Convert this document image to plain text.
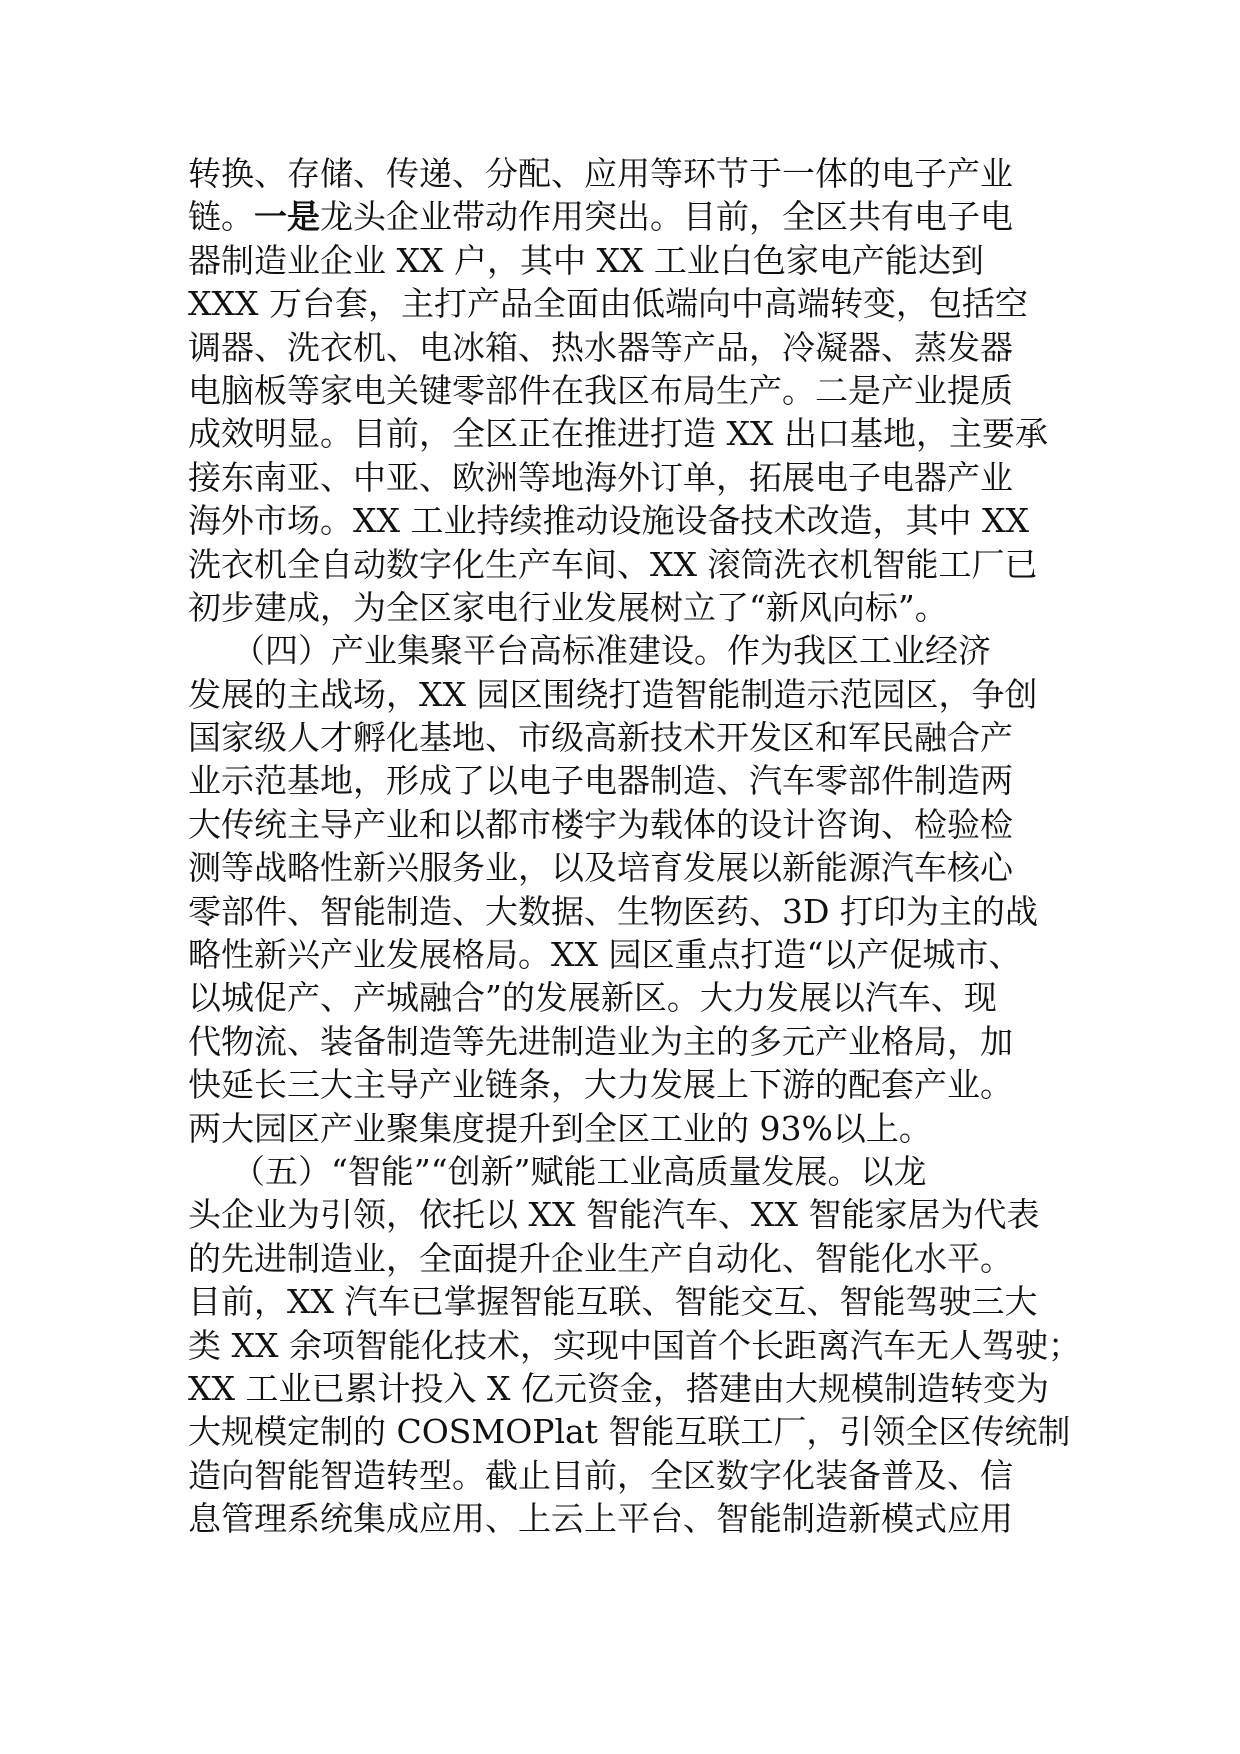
转换、存储、传递、分配、应用等环节于一体的电子产业
链。一是龙头企业带动作用突出。目前，全区共有电子电
器制造业企业 XX 户，其中 XX 工业白色家电产能达到
XXX 万台套，主打产品全面由低端向中高端转变，包括空
调器、洗衣机、电冰箱、热水器等产品，冷凝器、蒸发器
电脑板等家电关键零部件在我区布局生产。二是产业提质
成效明显。目前，全区正在推进打造 XX 出口基地，主要承
接东南亚、中亚、欧洲等地海外订单，拓展电子电器产业
海外市场。XX 工业持续推动设施设备技术改造，其中 XX
洗衣机全自动数字化生产车间、XX 滚筒洗衣机智能工厂已
初步建成，为全区家电行业发展树立了“新风向标”。
（四）产业集聚平台高标准建设。作为我区工业经济
发展的主战场，XX 园区围绕打造智能制造示范园区，争创
国家级人才孵化基地、市级高新技术开发区和军民融合产
业示范基地，形成了以电子电器制造、汽车零部件制造两
大传统主导产业和以都市楼宇为载体的设计咨询、检验检
测等战略性新兴服务业，以及培育发展以新能源汽车核心
零部件、智能制造、大数据、生物医药、3D 打印为主的战
略性新兴产业发展格局。XX 园区重点打造“以产促城市、
以城促产、产城融合”的发展新区。大力发展以汽车、现
代物流、装备制造等先进制造业为主的多元产业格局，加
快延长三大主导产业链条，大力发展上下游的配套产业。
两大园区产业聚集度提升到全区工业的 93%以上。
（五）“智能”“创新”赋能工业高质量发展。以龙
头企业为引领，依托以 XX 智能汽车、XX 智能家居为代表
的先进制造业，全面提升企业生产自动化、智能化水平。
目前，XX 汽车已掌握智能互联、智能交互、智能驾驶三大
类 XX 余项智能化技术，实现中国首个长距离汽车无人驾驶；
XX 工业已累计投入 X 亿元资金，搭建由大规模制造转变为
大规模定制的 COSMOPlat 智能互联工厂，引领全区传统制
造向智能智造转型。截止目前，全区数字化装备普及、信
息管理系统集成应用、上云上平台、智能制造新模式应用
